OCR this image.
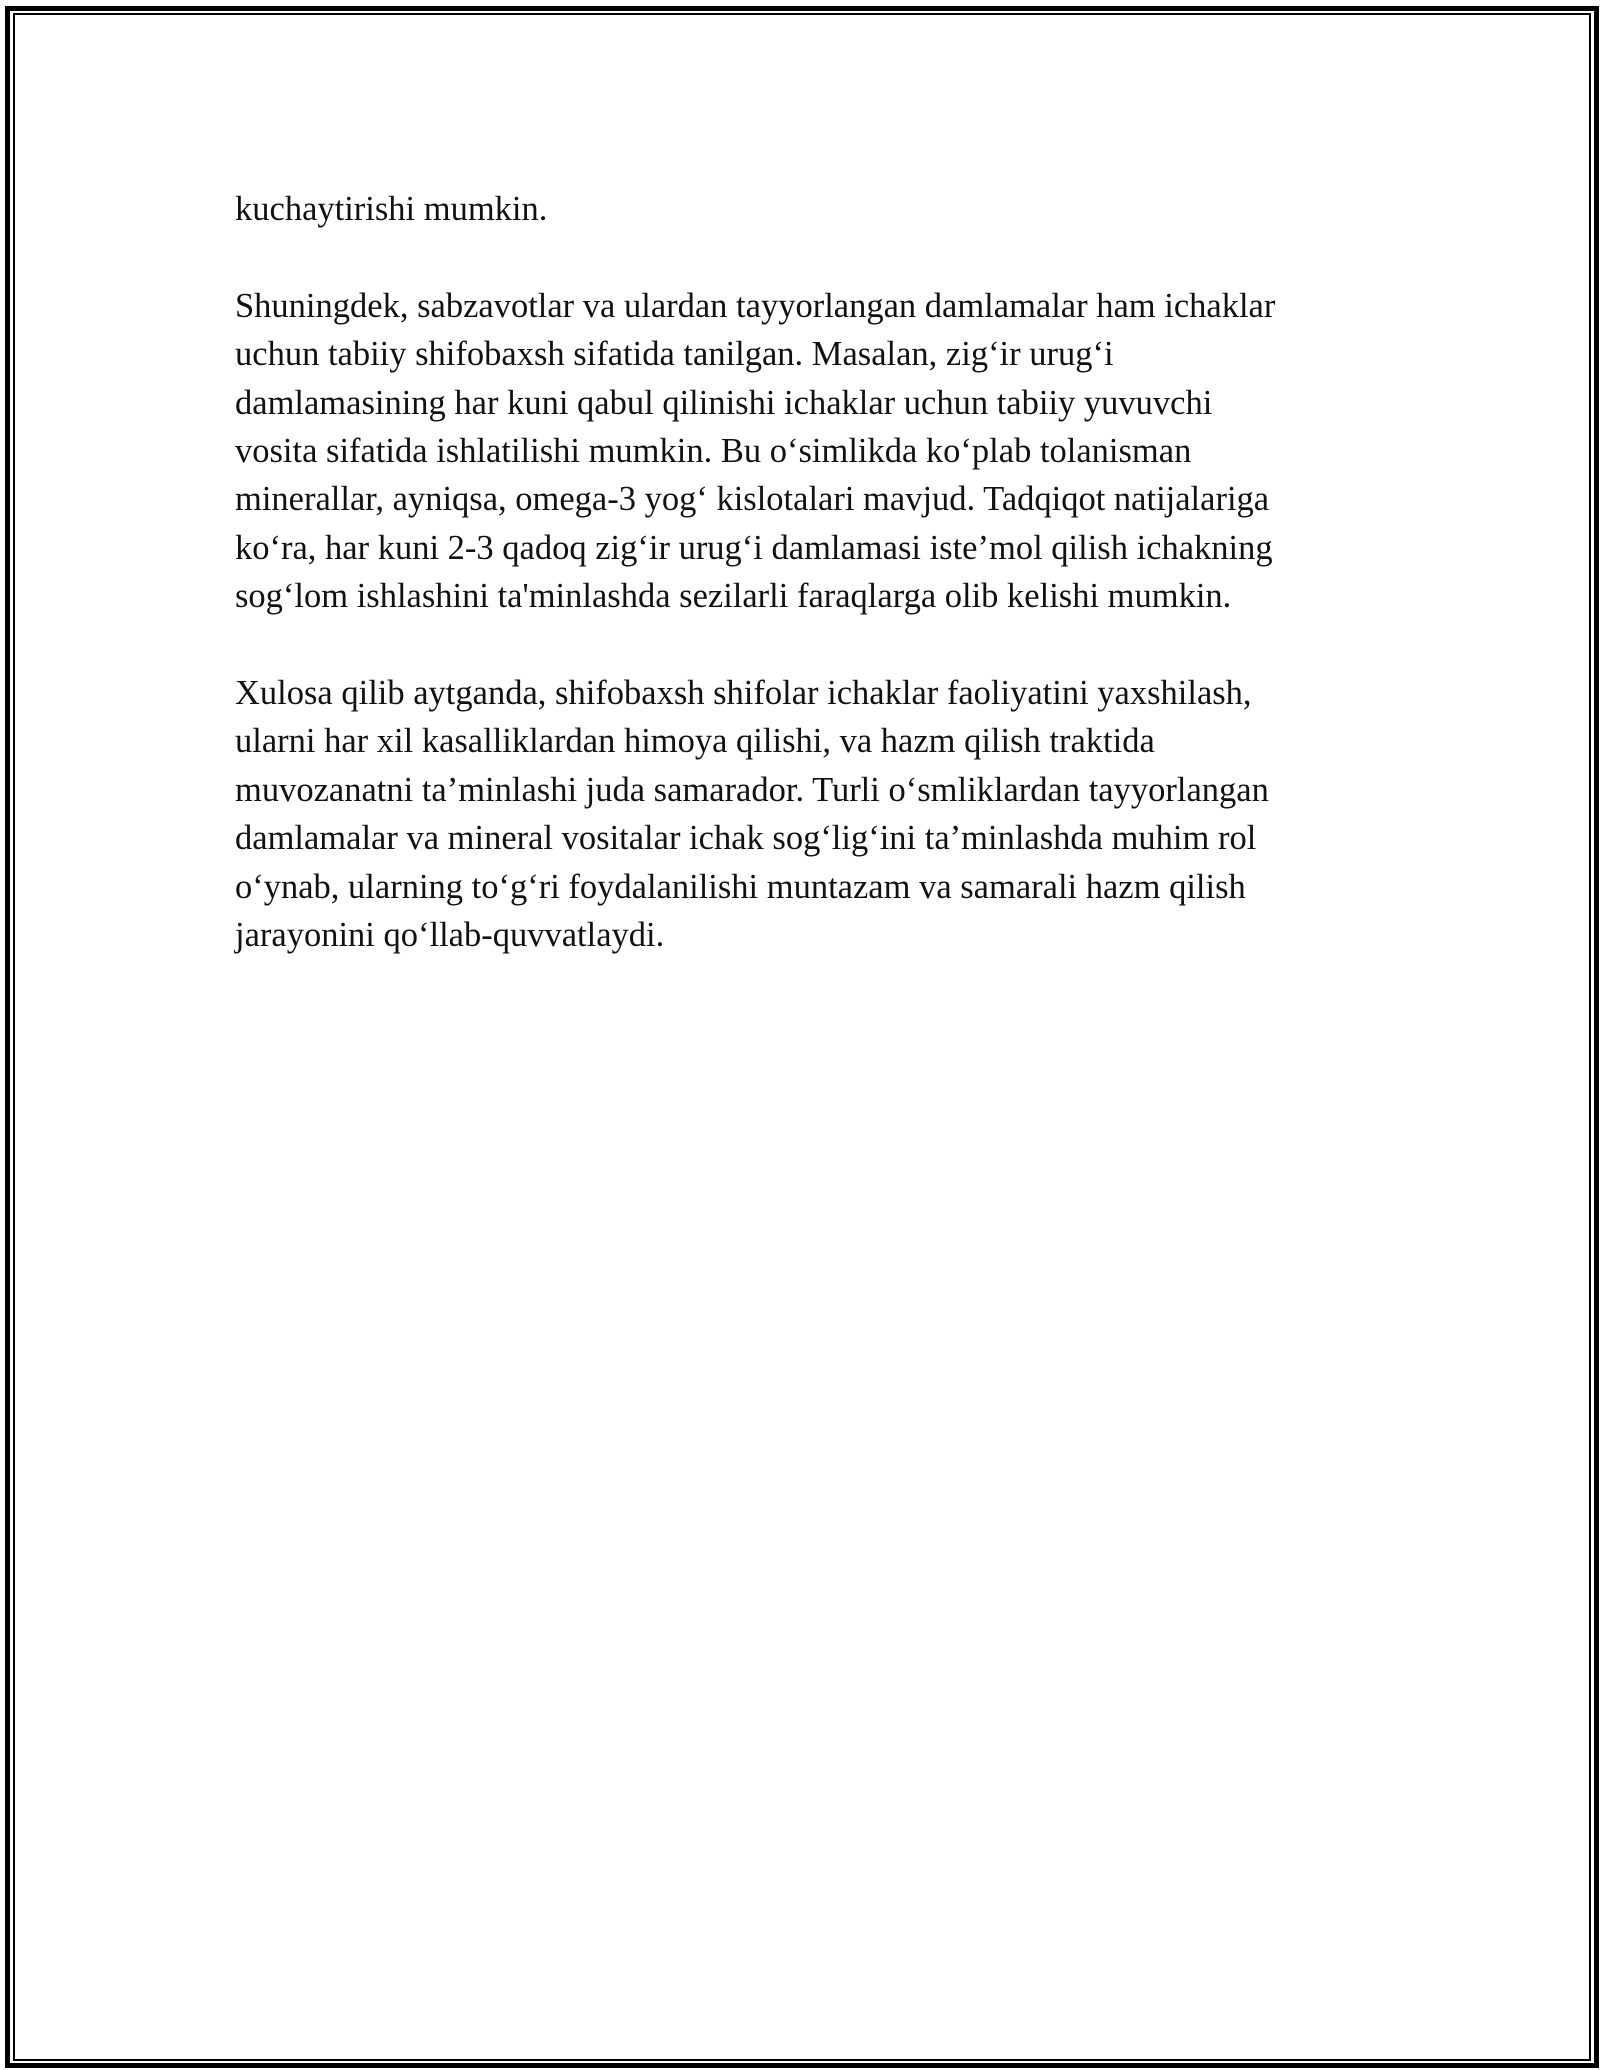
kuchaytirishi mumkin.

Shuningdek, sabzavotlar va ulardan tayyorlangan damlamalar ham ichaklar
uchun tabiiy shifobaxsh sifatida tanilgan. Masalan, zig‘ir urug‘i
damlamasining har kuni qabul qilinishi ichaklar uchun tabiiy yuvuvchi
vosita sifatida ishlatilishi mumkin. Bu o‘simlikda ko‘plab tolanisman
minerallar, ayniqsa, omega-3 yog‘ kislotalari mavjud. Tadqiqot natijalariga
ko‘ra, har kuni 2-3 qadoq zig‘ir urug‘i damlamasi iste’mol qilish ichakning
sog‘lom ishlashini ta'minlashda sezilarli faraqlarga olib kelishi mumkin.

Xulosa qilib aytganda, shifobaxsh shifolar ichaklar faoliyatini yaxshilash,
ularni har xil kasalliklardan himoya qilishi, va hazm qilish traktida
muvozanatni ta’minlashi juda samarador. Turli o‘smliklardan tayyorlangan
damlamalar va mineral vositalar ichak sog‘lig‘ini ta’minlashda muhim rol
o‘ynab, ularning to‘g‘ri foydalanilishi muntazam va samarali hazm qilish
jarayonini qo‘llab-quvvatlaydi.
